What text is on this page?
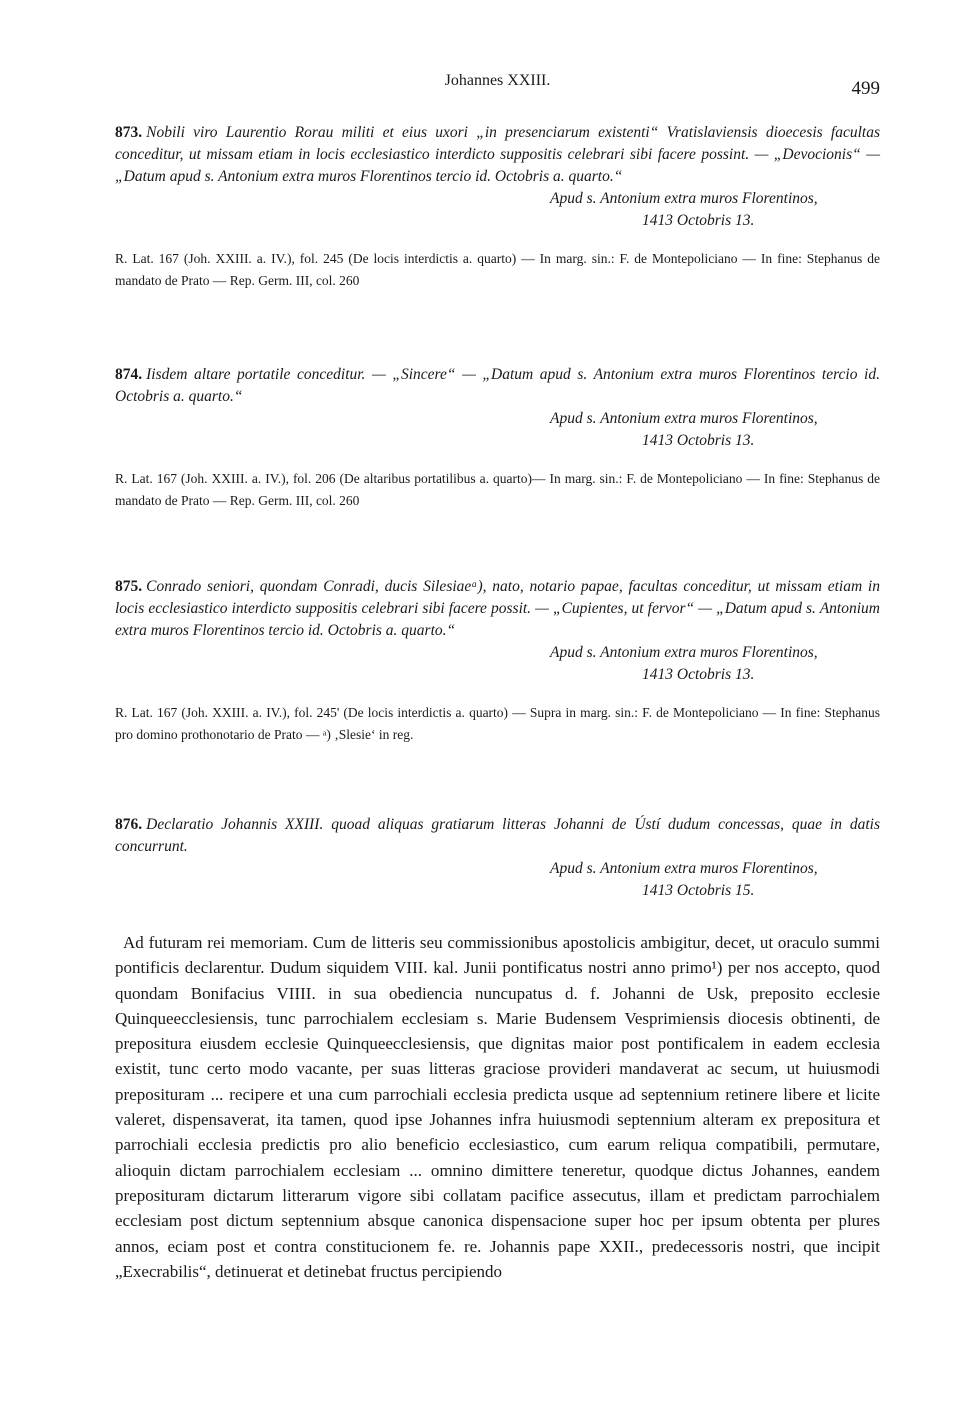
Johannes XXIII.	499

873. Nobili viro Laurentio Rorau militi et eius uxori „in presenciarum existenti“ Vratislaviensis dioecesis facultas conceditur, ut missam etiam in locis ecclesiastico interdicto suppositis celebrari sibi facere possint. — „Devocionis“ — „Datum apud s. Antonium extra muros Florentinos tercio id. Octobris a. quarto.“

Apud s. Antonium extra muros Florentinos,
1413 Octobris 13.

R. Lat. 167 (Joh. XXIII. a. IV.), fol. 245 (De locis interdictis a. quarto) — In marg. sin.: F. de Montepoliciano — In fine: Stephanus de mandato de Prato — Rep. Germ. III, col. 260

874. Iisdem altare portatile conceditur. — „Sincere“ — „Datum apud s. Antonium extra muros Florentinos tercio id. Octobris a. quarto.“

Apud s. Antonium extra muros Florentinos,
1413 Octobris 13.

R. Lat. 167 (Joh. XXIII. a. IV.), fol. 206 (De altaribus portatilibus a. quarto)— In marg. sin.: F. de Montepoliciano — In fine: Stephanus de mandato de Prato — Rep. Germ. III, col. 260

875. Conrado seniori, quondam Conradi, ducis Silesiaeᵃ), nato, notario papae, facultas conceditur, ut missam etiam in locis ecclesiastico interdicto suppositis celebrari sibi facere possit. — „Cupientes, ut fervor“ — „Datum apud s. Antonium extra muros Florentinos tercio id. Octobris a. quarto.“

Apud s. Antonium extra muros Florentinos,
1413 Octobris 13.

R. Lat. 167 (Joh. XXIII. a. IV.), fol. 245' (De locis interdictis a. quarto) — Supra in marg. sin.: F. de Montepoliciano — In fine: Stephanus pro domino prothonotario de Prato — ᵃ) ‚Slesie‘ in reg.

876. Declaratio Johannis XXIII. quoad aliquas gratiarum litteras Johanni de Ústí dudum concessas, quae in datis concurrunt.

Apud s. Antonium extra muros Florentinos,
1413 Octobris 15.

Ad futuram rei memoriam. Cum de litteris seu commissionibus apostolicis ambigitur, decet, ut oraculo summi pontificis declarentur. Dudum siquidem VIII. kal. Junii pontificatus nostri anno primo¹) per nos accepto, quod quondam Bonifacius VIIII. in sua obediencia nuncupatus d. f. Johanni de Usk, preposito ecclesie Quinqueecclesiensis, tunc parrochialem ecclesiam s. Marie Budensem Vesprimiensis diocesis obtinenti, de prepositura eiusdem ecclesie Quinqueecclesiensis, que dignitas maior post pontificalem in eadem ecclesia existit, tunc certo modo vacante, per suas litteras graciose provideri mandaverat ac secum, ut huiusmodi preposituram ... recipere et una cum parrochiali ecclesia predicta usque ad septennium retinere libere et licite valeret, dispensaverat, ita tamen, quod ipse Johannes infra huiusmodi septennium alteram ex prepositura et parrochiali ecclesia predictis pro alio beneficio ecclesiastico, cum earum reliqua compatibili, permutare, alioquin dictam parrochialem ecclesiam ... omnino dimittere teneretur, quodque dictus Johannes, eandem preposituram dictarum litterarum vigore sibi collatam pacifice assecutus, illam et predictam parrochialem ecclesiam post dictum septennium absque canonica dispensacione super hoc per ipsum obtenta per plures annos, eciam post et contra constitucionem fe. re. Johannis pape XXII., predecessoris nostri, que incipit „Execrabilis“, detinuerat et detinebat fructus percipiendo
